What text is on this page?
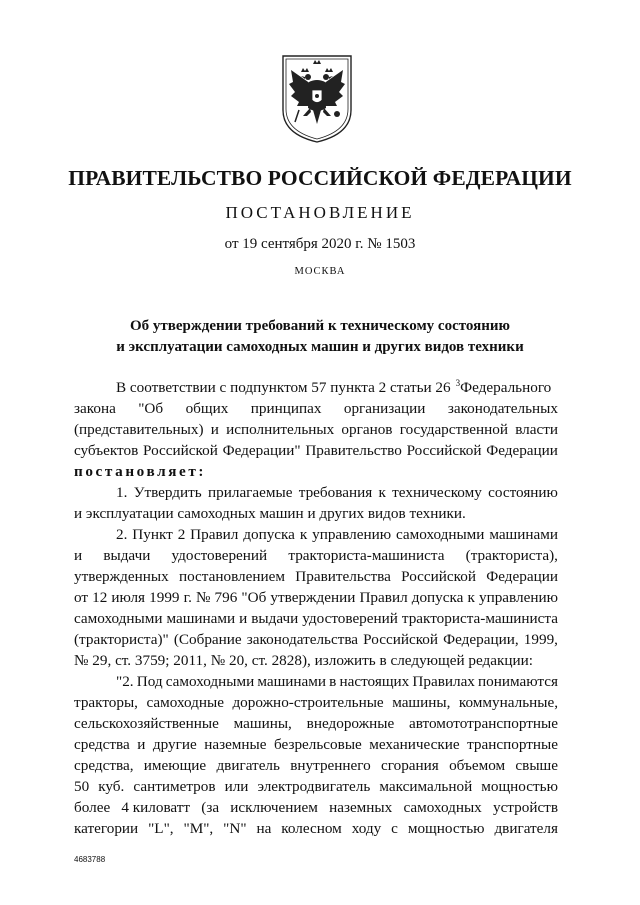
ПРАВИТЕЛЬСТВО РОССИЙСКОЙ ФЕДЕРАЦИИ
ПОСТАНОВЛЕНИЕ
от 19 сентября 2020 г. № 1503
МОСКВА
Об утверждении требований к техническому состоянию
и эксплуатации самоходных машин и других видов техники
В соответствии с подпунктом 57 пункта 2 статьи 26 $^3$Федерального
закона "Об общих принципах организации законодательных
(представительных) и исполнительных органов государственной власти
субъектов Российской Федерации" Правительство Российской Федерации
постановляет:
1. Утвердить прилагаемые требования к техническому состоянию
и эксплуатации самоходных машин и других видов техники.
2. Пункт 2 Правил допуска к управлению самоходными машинами
и выдачи удостоверений тракториста-машиниста (тракториста),
утвержденных постановлением Правительства Российской Федерации
от 12 июля 1999 г. № 796 "Об утверждении Правил допуска к управлению
самоходными машинами и выдачи удостоверений тракториста-машиниста
(тракториста)" (Собрание законодательства Российской Федерации, 1999,
№ 29, ст. 3759; 2011, № 20, ст. 2828), изложить в следующей редакции:
"2. Под самоходными машинами в настоящих Правилах понимаются
тракторы, самоходные дорожно-строительные машины, коммунальные,
сельскохозяйственные машины, внедорожные автомототранспортные
средства и другие наземные безрельсовые механические транспортные
средства, имеющие двигатель внутреннего сгорания объемом свыше
50 куб. сантиметров или электродвигатель максимальной мощностью
более 4 киловатт (за исключением наземных самоходных устройств
категории "L", "M", "N" на колесном ходу с мощностью двигателя
4683788
